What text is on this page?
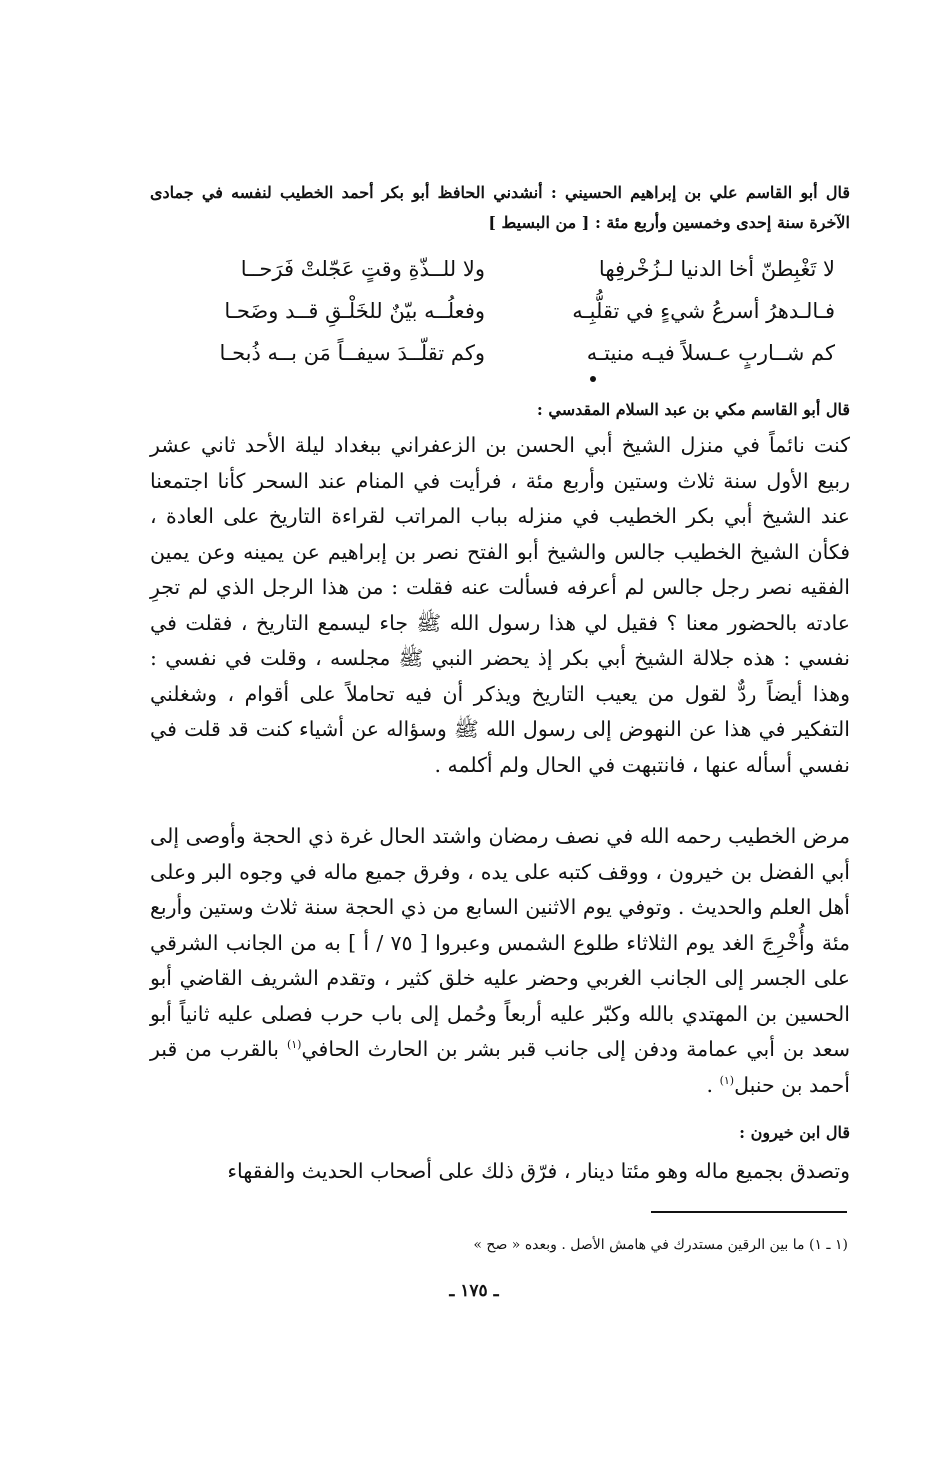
قال أبو القاسم علي بن إبراهيم الحسيني : أنشدني الحافظ أبو بكر أحمد الخطيب لنفسه في جمادى الآخرة سنة إحدى وخمسين وأربع مئة : [ من البسيط ]
لا تَغْبِطنّ أخا الدنيا لـزُخْرفِها
ولا للــذّةِ وقتٍ عَجّلتْ فَرَحــا
فـالـدهرُ أسرعُ شيءٍ في تقلُّبِـه
وفعلُــه بيّنٌ للخَلْـقِ قــد وضَحـا
كم شــاربٍ عـسلاً فيـه منيتـه
وكم تقلّــدَ سيفــاً مَن بــه ذُبحـا
قال أبو القاسم مكي بن عبد السلام المقدسي :
كنت نائماً في منزل الشيخ أبي الحسن بن الزعفراني ببغداد ليلة الأحد ثاني عشر ربيع الأول سنة ثلاث وستين وأربع مئة ، فرأيت في المنام عند السحر كأنا اجتمعنا عند الشيخ أبي بكر الخطيب في منزله بباب المراتب لقراءة التاريخ على العادة ، فكأن الشيخ الخطيب جالس والشيخ أبو الفتح نصر بن إبراهيم عن يمينه وعن يمين الفقيه نصر رجل جالس لم أعرفه فسألت عنه فقلت : من هذا الرجل الذي لم تجرِ عادته بالحضور معنا ؟ فقيل لي هذا رسول الله ﷺ جاء ليسمع التاريخ ، فقلت في نفسي : هذه جلالة الشيخ أبي بكر إذ يحضر النبي ﷺ مجلسه ، وقلت في نفسي : وهذا أيضاً ردٌّ لقول من يعيب التاريخ ويذكر أن فيه تحاملاً على أقوام ، وشغلني التفكير في هذا عن النهوض إلى رسول الله ﷺ وسؤاله عن أشياء كنت قد قلت في نفسي أسأله عنها ، فانتبهت في الحال ولم أكلمه .
مرض الخطيب رحمه الله في نصف رمضان واشتد الحال غرة ذي الحجة وأوصى إلى أبي الفضل بن خيرون ، ووقف كتبه على يده ، وفرق جميع ماله في وجوه البر وعلى أهل العلم والحديث . وتوفي يوم الاثنين السابع من ذي الحجة سنة ثلاث وستين وأربع مئة وأُخْرِجَ الغد يوم الثلاثاء طلوع الشمس وعبروا [ ٧٥ / أ ] به من الجانب الشرقي على الجسر إلى الجانب الغربي وحضر عليه خلق كثير ، وتقدم الشريف القاضي أبو الحسين بن المهتدي بالله وكبّر عليه أربعاً وحُمل إلى باب حرب فصلى عليه ثانياً أبو سعد بن أبي عمامة ودفن إلى جانب قبر بشر بن الحارث الحافي$^{(١)}$ بالقرب من قبر أحمد بن حنبل$^{(١)}$ .
قال ابن خيرون :
وتصدق بجميع ماله وهو مئتا دينار ، فرّق ذلك على أصحاب الحديث والفقهاء
(١ ـ ١) ما بين الرقين مستدرك في هامش الأصل . وبعده « صح »
ـ ١٧٥ ـ
